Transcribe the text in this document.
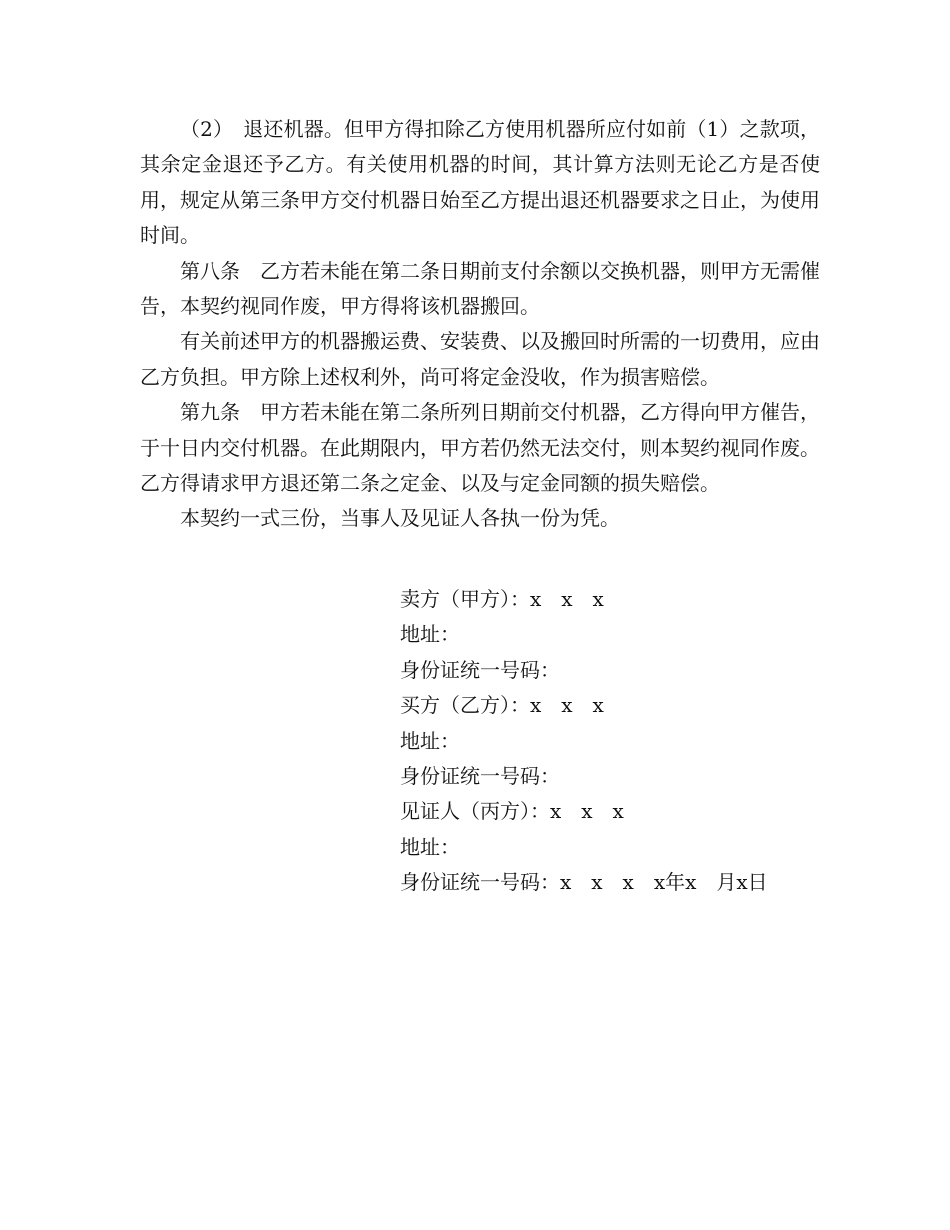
（2）　退还机器。但甲方得扣除乙方使用机器所应付如前（1）之款项，其余定金退还予乙方。有关使用机器的时间，其计算方法则无论乙方是否使用，规定从第三条甲方交付机器日始至乙方提出退还机器要求之日止，为使用时间。

第八条　乙方若未能在第二条日期前支付余额以交换机器，则甲方无需催告，本契约视同作废，甲方得将该机器搬回。

有关前述甲方的机器搬运费、安装费、以及搬回时所需的一切费用，应由乙方负担。甲方除上述权利外，尚可将定金没收，作为损害赔偿。

第九条　甲方若未能在第二条所列日期前交付机器，乙方得向甲方催告，于十日内交付机器。在此期限内，甲方若仍然无法交付，则本契约视同作废。乙方得请求甲方退还第二条之定金、以及与定金同额的损失赔偿。

本契约一式三份，当事人及见证人各执一份为凭。

卖方（甲方）：x　x　x

地址：

身份证统一号码：

买方（乙方）：x　x　x

地址：

身份证统一号码：

见证人（丙方）：x　x　x

地址：

身份证统一号码：x　x　x　x年x　月x日
